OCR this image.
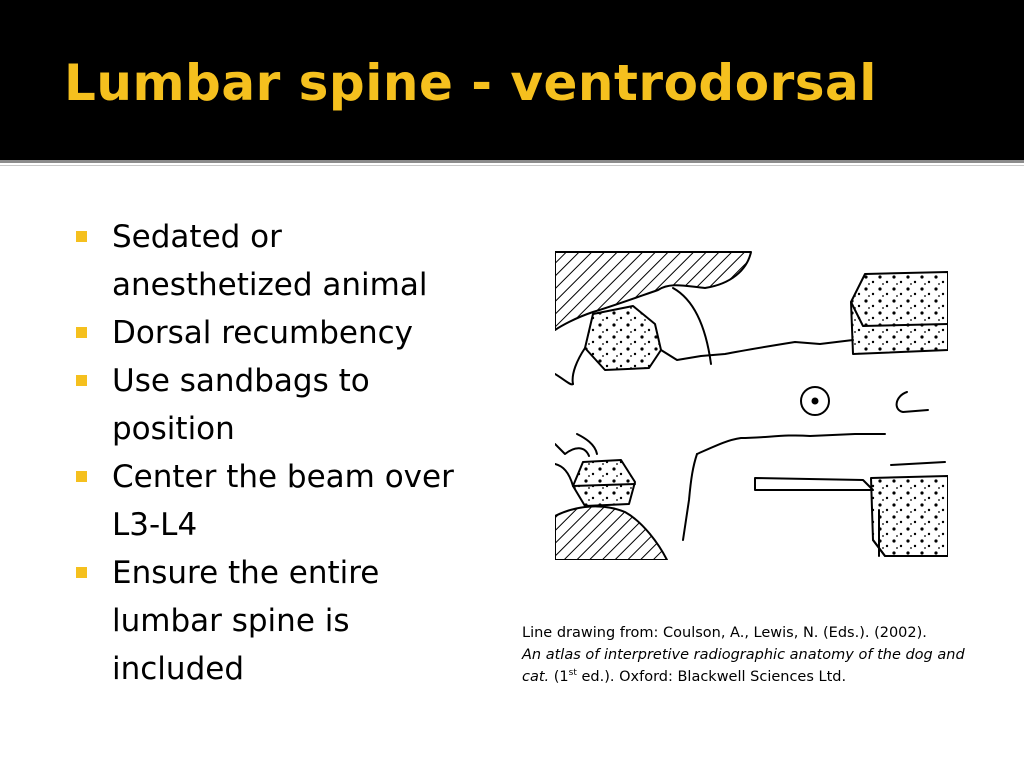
Lumbar spine - ventrodorsal
Sedated or anesthetized animal
Dorsal recumbency
Use sandbags to position
Center the beam over L3-L4
Ensure the entire lumbar spine is included
Line drawing from: Coulson, A., Lewis, N. (Eds.). (2002).
An atlas of interpretive radiographic anatomy of the dog and cat. (1st ed.). Oxford: Blackwell Sciences Ltd.
